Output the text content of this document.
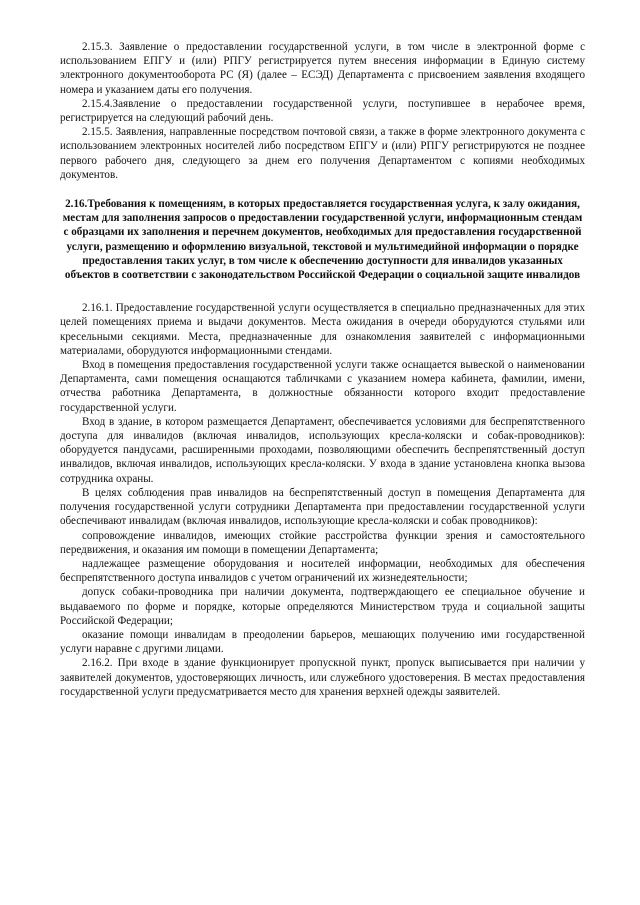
2.15.3. Заявление о предоставлении государственной услуги, в том числе в электронной форме с использованием ЕПГУ и (или) РПГУ регистрируется путем внесения информации в Единую систему электронного документооборота РС (Я) (далее – ЕСЭД) Департамента с присвоением заявления входящего номера и указанием даты его получения.

2.15.4.Заявление о предоставлении государственной услуги, поступившее в нерабочее время, регистрируется на следующий рабочий день.

2.15.5. Заявления, направленные посредством почтовой связи, а также в форме электронного документа с использованием электронных носителей либо посредством ЕПГУ и (или) РПГУ регистрируются не позднее первого рабочего дня, следующего за днем его получения Департаментом с копиями необходимых документов.

2.16.Требования к помещениям, в которых предоставляется государственная услуга, к залу ожидания, местам для заполнения запросов о предоставлении государственной услуги, информационным стендам с образцами их заполнения и перечнем документов, необходимых для предоставления государственной услуги, размещению и оформлению визуальной, текстовой и мультимедийной информации о порядке предоставления таких услуг, в том числе к обеспечению доступности для инвалидов указанных объектов в соответствии с законодательством Российской Федерации о социальной защите инвалидов

2.16.1. Предоставление государственной услуги осуществляется в специально предназначенных для этих целей помещениях приема и выдачи документов. Места ожидания в очереди оборудуются стульями или кресельными секциями. Места, предназначенные для ознакомления заявителей с информационными материалами, оборудуются информационными стендами.

Вход в помещения предоставления государственной услуги также оснащается вывеской о наименовании Департамента, сами помещения оснащаются табличками с указанием номера кабинета, фамилии, имени, отчества работника Департамента, в должностные обязанности которого входит предоставление государственной услуги.

Вход в здание, в котором размещается Департамент, обеспечивается условиями для беспрепятственного доступа для инвалидов (включая инвалидов, использующих кресла-коляски и собак-проводников): оборудуется пандусами, расширенными проходами, позволяющими обеспечить беспрепятственный доступ инвалидов, включая инвалидов, использующих кресла-коляски. У входа в здание установлена кнопка вызова сотрудника охраны.

В целях соблюдения прав инвалидов на беспрепятственный доступ в помещения Департамента для получения государственной услуги сотрудники Департамента при предоставлении государственной услуги обеспечивают инвалидам (включая инвалидов, использующие кресла-коляски и собак проводников):

сопровождение инвалидов, имеющих стойкие расстройства функции зрения и самостоятельного передвижения, и оказания им помощи в помещении Департамента;

надлежащее размещение оборудования и носителей информации, необходимых для обеспечения беспрепятственного доступа инвалидов с учетом ограничений их жизнедеятельности;

допуск собаки-проводника при наличии документа, подтверждающего ее специальное обучение и выдаваемого по форме и порядке, которые определяются Министерством труда и социальной защиты Российской Федерации;

оказание помощи инвалидам в преодолении барьеров, мешающих получению ими государственной услуги наравне с другими лицами.

2.16.2. При входе в здание функционирует пропускной пункт, пропуск выписывается при наличии у заявителей документов, удостоверяющих личность, или служебного удостоверения. В местах предоставления государственной услуги предусматривается место для хранения верхней одежды заявителей.
